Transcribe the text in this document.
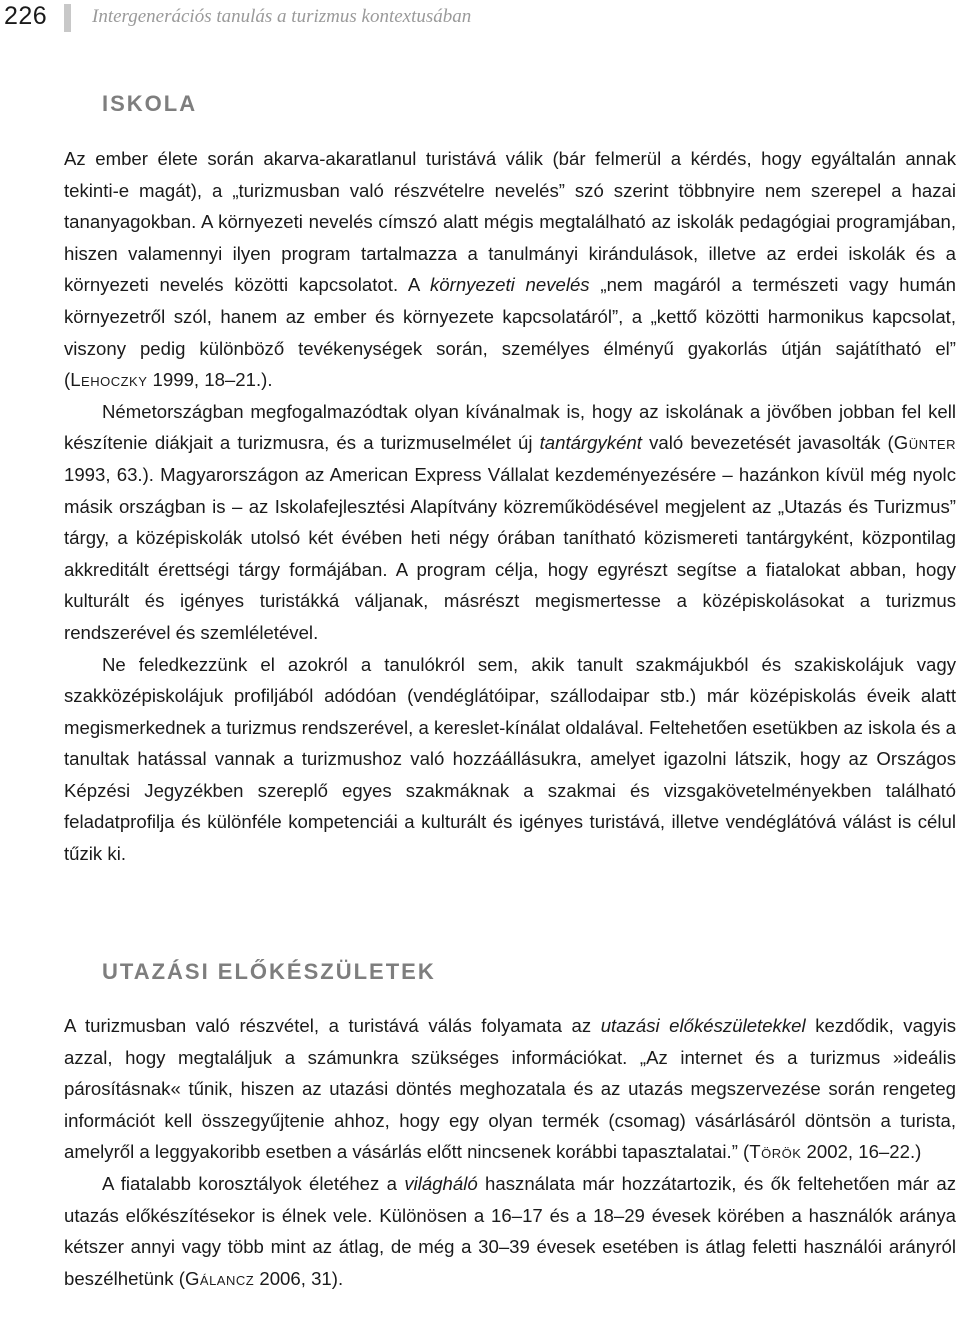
226 Intergenerációs tanulás a turizmus kontextusában
ISKOLA

Az ember élete során akarva-akaratlanul turistává válik (bár felmerül a kérdés, hogy egyáltalán annak tekinti-e magát), a „turizmusban való részvételre nevelés” szó szerint többnyire nem szerepel a hazai tananyagokban. A környezeti nevelés címszó alatt mégis megtalálható az iskolák pedagógiai programjában, hiszen valamennyi ilyen program tartalmazza a tanulmányi kirándulások, illetve az erdei iskolák és a környezeti nevelés közötti kapcsolatot. A környezeti nevelés „nem magáról a természeti vagy humán környezetről szól, hanem az ember és környezete kapcsolatáról”, a „kettő közötti harmonikus kapcsolat, viszony pedig különböző tevékenységek során, személyes élményű gyakorlás útján sajátítható el” (Lehoczky 1999, 18–21.).

Németországban megfogalmazódtak olyan kívánalmak is, hogy az iskolának a jövőben jobban fel kell készítenie diákjait a turizmusra, és a turizmuselmélet új tantárgyként való bevezetését javasolták (Günter 1993, 63.). Magyarországon az American Express Vállalat kezdeményezésére – hazánkon kívül még nyolc másik országban is – az Iskolafejlesztési Alapítvány közreműködésével megjelent az „Utazás és Turizmus” tárgy, a középiskolák utolsó két évében heti négy órában tanítható közismereti tantárgyként, központilag akkreditált érettségi tárgy formájában. A program célja, hogy egyrészt segítse a fiatalokat abban, hogy kulturált és igényes turistákká váljanak, másrészt megismertesse a középiskolásokat a turizmus rendszerével és szemléletével.

Ne feledkezzünk el azokról a tanulókról sem, akik tanult szakmájukból és szakiskolájuk vagy szakközépiskolájuk profiljából adódóan (vendéglátóipar, szállodaipar stb.) már középiskolás éveik alatt megismerkednek a turizmus rendszerével, a kereslet-kínálat oldalával. Feltehetően esetükben az iskola és a tanultak hatással vannak a turizmushoz való hozzáállásukra, amelyet igazolni látszik, hogy az Országos Képzési Jegyzékben szereplő egyes szakmáknak a szakmai és vizsgakövetelményekben található feladatprofilja és különféle kompetenciái a kulturált és igényes turistává, illetve vendéglátóvá válást is célul tűzik ki.

UTAZÁSI ELŐKÉSZÜLETEK

A turizmusban való részvétel, a turistává válás folyamata az utazási előkészületekkel kezdődik, vagyis azzal, hogy megtaláljuk a számunkra szükséges információkat. „Az internet és a turizmus »ideális párosításnak« tűnik, hiszen az utazási döntés meghozatala és az utazás megszervezése során rengeteg információt kell összegyűjtenie ahhoz, hogy egy olyan termék (csomag) vásárlásáról döntsön a turista, amelyről a leggyakoribb esetben a vásárlás előtt nincsenek korábbi tapasztalatai.” (Török 2002, 16–22.)

A fiatalabb korosztályok életéhez a világháló használata már hozzátartozik, és ők feltehetően már az utazás előkészítésekor is élnek vele. Különösen a 16–17 és a 18–29 évesek körében a használók aránya kétszer annyi vagy több mint az átlag, de még a 30–39 évesek esetében is átlag feletti használói arányról beszélhetünk (Gálancz 2006, 31).
